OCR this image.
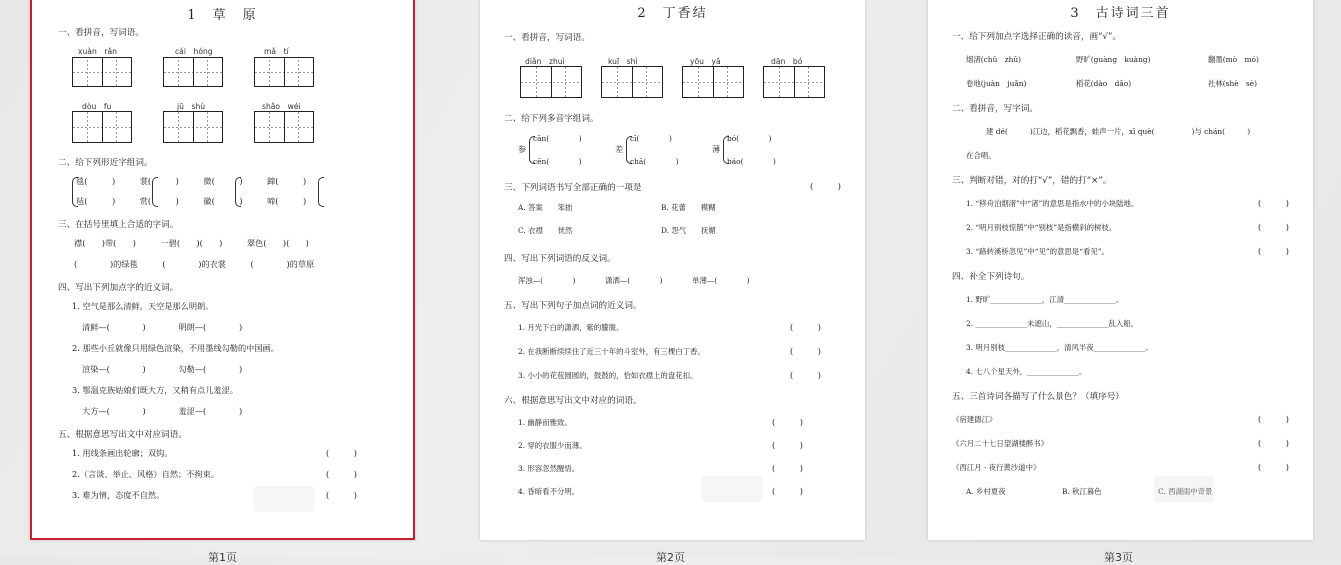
1　草　原
一、看拼音，写词语。
xuàn　rǎn	cái　hóng	mǎ　tí
dòu　fu	jū　shù	shǎo　wéi
二、给下列形近字组词。
毯(　　　)　　　裳(　　　)　　　微(　　　)　　　蹄(　　　)
毡(　　　)　　　赏(　　　)　　　徽(　　　)　　　啼(　　　)
三、在括号里填上合适的字词。
襟(　　)带(　　)　　　一碧(　　)(　　)　　　翠色(　　)(　　)
(　　　　)的绿毯　　　(　　　　)的衣裳　　　(　　　　)的草原
四、写出下列加点字的近义词。
1. 空气是那么清鲜，天空是那么明朗。
清鲜—(　　　　)　　　　明朗—(　　　　)
2. 那些小丘就像只用绿色渲染，不用墨线勾勒的中国画。
渲染—(　　　　)　　　　勾勒—(　　　　)
3. 鄂温克族姑娘们既大方，又稍有点儿羞涩。
大方—(　　　　)　　　　羞涩—(　　　　)
五、根据意思写出文中对应词语。
1. 用线条画出轮廓；双钩。	(　　　)
2.（言谈、举止、风格）自然；不拘束。	(　　　)
3. 难为情，态度不自然。	(　　　)
第1页
2　丁香结
一、看拼音，写词语。
diǎn　zhuì	kuī　shì	yōu　yǎ	dān　bó
二、给下列多音字组词。
参
cān(　　　　)
cēn(　　　　)
差
cī(　　　　)
chā(　　　　)
薄
bó(　　　　)
báo(　　　　)
三、下列词语书写全部正确的一项是	(　　　)
A. 答案　　笨拙	B. 花蕾　　模糊
C. 衣襟　　恍然	D. 怨气　　抚媚
四、写出下列词语的反义词。
浑浊—(　　　　)　　　　潇洒—(　　　　)　　　　单薄—(　　　　)
五、写出下列句子加点词的近义词。
1. 月光下白的潇洒，紫的朦胧。	(　　　)
2. 在我断断续续住了近三十年的斗室外，有三棵白丁香。	(　　　)
3. 小小的花苞圆圆的，鼓鼓的，恰如衣襟上的盘花扣。	(　　　)
六、根据意思写出文中对应的词语。
1. 幽静而雅致。	(　　　)
2. 穿的衣服少而薄。	(　　　)
3. 形容忽然醒悟。	(　　　)
4. 昏暗看不分明。	(　　　)
第2页
3　古诗词三首
一、给下列加点字选择正确的读音，画“√”。
烟渚(chǔ　zhǔ)	野旷(guàng　kuàng)	翻墨(mò　mó)
卷地(juàn　juǎn)	稻花(dào　dǎo)	社林(shè　sè)
二、看拼音，写字词。
建 dé(　　　)江边，稻花飘香，蛙声一片，xī què(　　　　　)与 chán(　　　)
在合唱。
三、判断对错，对的打“√”，错的打“×”。
1. “移舟泊烟渚”中“渚”的意思是指水中的小块陆地。	(　　　)
2. “明月别枝惊鹊”中“别枝”是指横斜的树枝。	(　　　)
3. “路转溪桥忽见”中“见”的意思是“看见”。	(　　　)
四、补全下列诗句。
1. 野旷______________，江清______________。
2. ______________未遮山，______________乱入船。
3. 明月别枝______________，清风半夜______________。
4. 七八个星天外，______________。
五、三首诗词各描写了什么景色？（填序号）
《宿建德江》	(　　　)
《六月二十七日望湖楼醉书》	(　　　)
《西江月 · 夜行黄沙道中》	(　　　)
A. 乡村夏夜	B. 秋江暮色	C. 西湖雨中奇景
第3页
